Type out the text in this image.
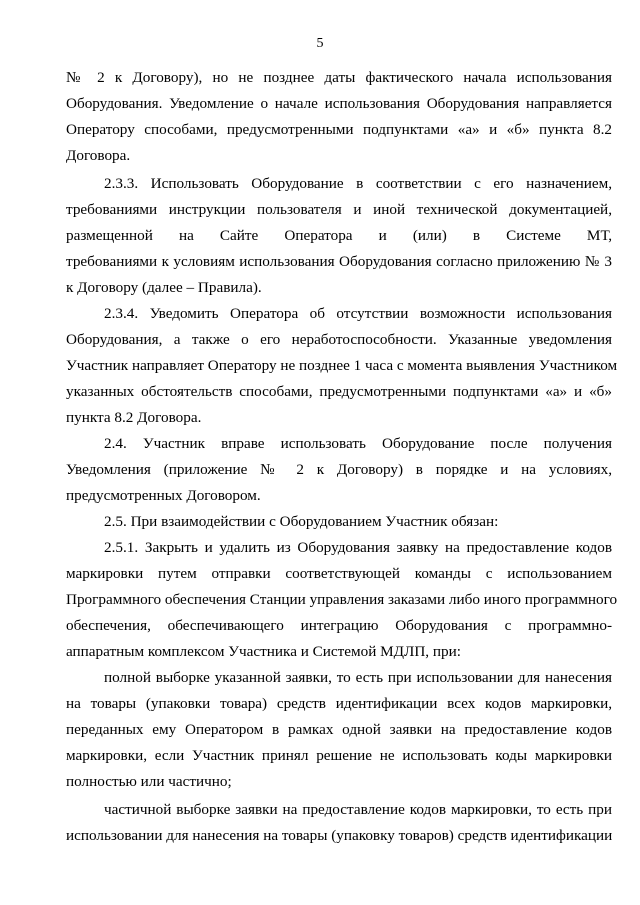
5
№ 2 к Договору), но не позднее даты фактического начала использования
Оборудования. Уведомление о начале использования Оборудования направляется
Оператору способами, предусмотренными подпунктами «а» и «б» пункта 8.2
Договора.
2.3.3. Использовать Оборудование в соответствии с его назначением,
требованиями инструкции пользователя и иной технической документацией,
размещенной на Сайте Оператора и (или) в Системе МТ,
требованиями к условиям использования Оборудования согласно приложению № 3
к Договору (далее – Правила).
2.3.4. Уведомить Оператора об отсутствии возможности использования
Оборудования, а также о его неработоспособности. Указанные уведомления
Участник направляет Оператору не позднее 1 часа с момента выявления Участником
указанных обстоятельств способами, предусмотренными подпунктами «а» и «б»
пункта 8.2 Договора.
2.4. Участник вправе использовать Оборудование после получения
Уведомления (приложение № 2 к Договору) в порядке и на условиях,
предусмотренных Договором.
2.5. При взаимодействии с Оборудованием Участник обязан:
2.5.1. Закрыть и удалить из Оборудования заявку на предоставление кодов
маркировки путем отправки соответствующей команды с использованием
Программного обеспечения Станции управления заказами либо иного программного
обеспечения, обеспечивающего интеграцию Оборудования с программно-
аппаратным комплексом Участника и Системой МДЛП, при:
полной выборке указанной заявки, то есть при использовании для нанесения
на товары (упаковки товара) средств идентификации всех кодов маркировки,
переданных ему Оператором в рамках одной заявки на предоставление кодов
маркировки, если Участник принял решение не использовать коды маркировки
полностью или частично;
частичной выборке заявки на предоставление кодов маркировки, то есть при
использовании для нанесения на товары (упаковку товаров) средств идентификации
